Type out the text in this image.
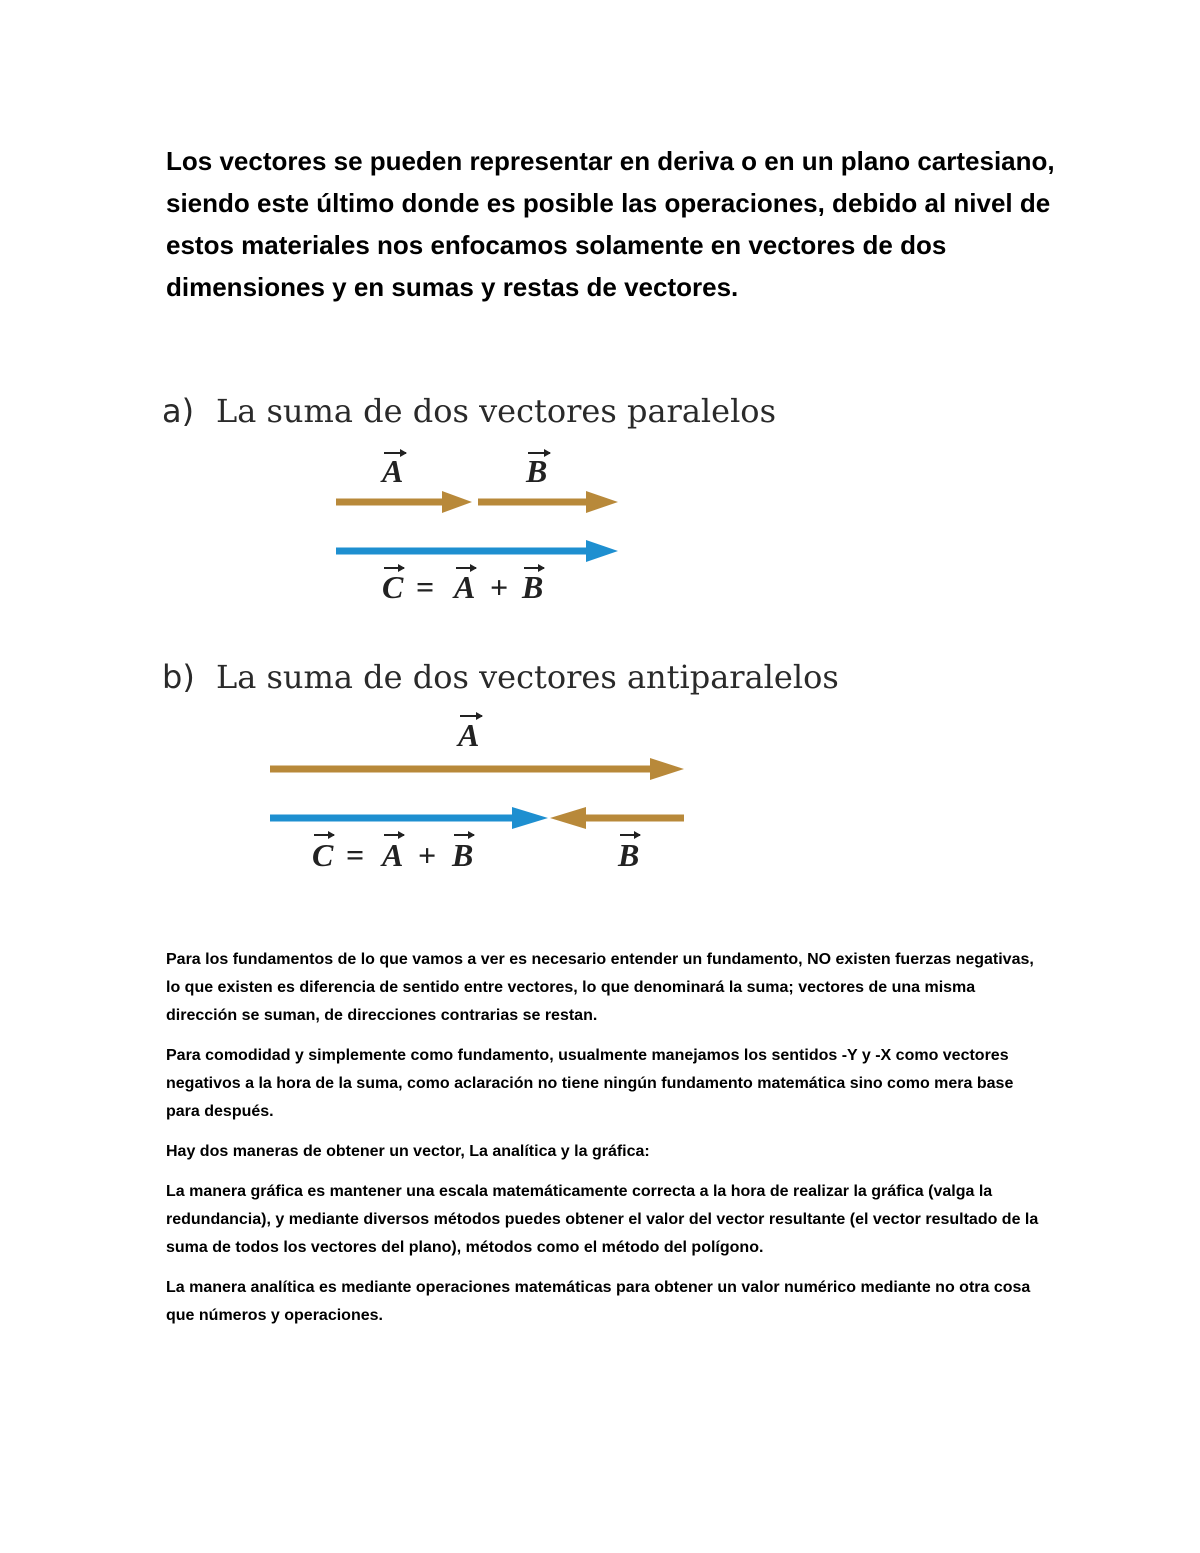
Los vectores se pueden representar en deriva o en un plano cartesiano, siendo este último donde es posible las operaciones, debido al nivel de estos materiales nos enfocamos solamente en vectores de dos dimensiones y en sumas y restas de vectores.

a) La suma de dos vectores paralelos
A	B
C = A + B
b) La suma de dos vectores antiparalelos
A
C = A + B	B

Para los fundamentos de lo que vamos a ver es necesario entender un fundamento, NO existen fuerzas negativas, lo que existen es diferencia de sentido entre vectores, lo que denominará la suma; vectores de una misma dirección se suman, de direcciones contrarias se restan.

Para comodidad y simplemente como fundamento, usualmente manejamos los sentidos -Y y -X como vectores negativos a la hora de la suma, como aclaración no tiene ningún fundamento matemática sino como mera base para después.

Hay dos maneras de obtener un vector, La analítica y la gráfica:

La manera gráfica es mantener una escala matemáticamente correcta a la hora de realizar la gráfica (valga la redundancia), y mediante diversos métodos puedes obtener el valor del vector resultante (el vector resultado de la suma de todos los vectores del plano), métodos como el método del polígono.

La manera analítica es mediante operaciones matemáticas para obtener un valor numérico mediante no otra cosa que números y operaciones.
